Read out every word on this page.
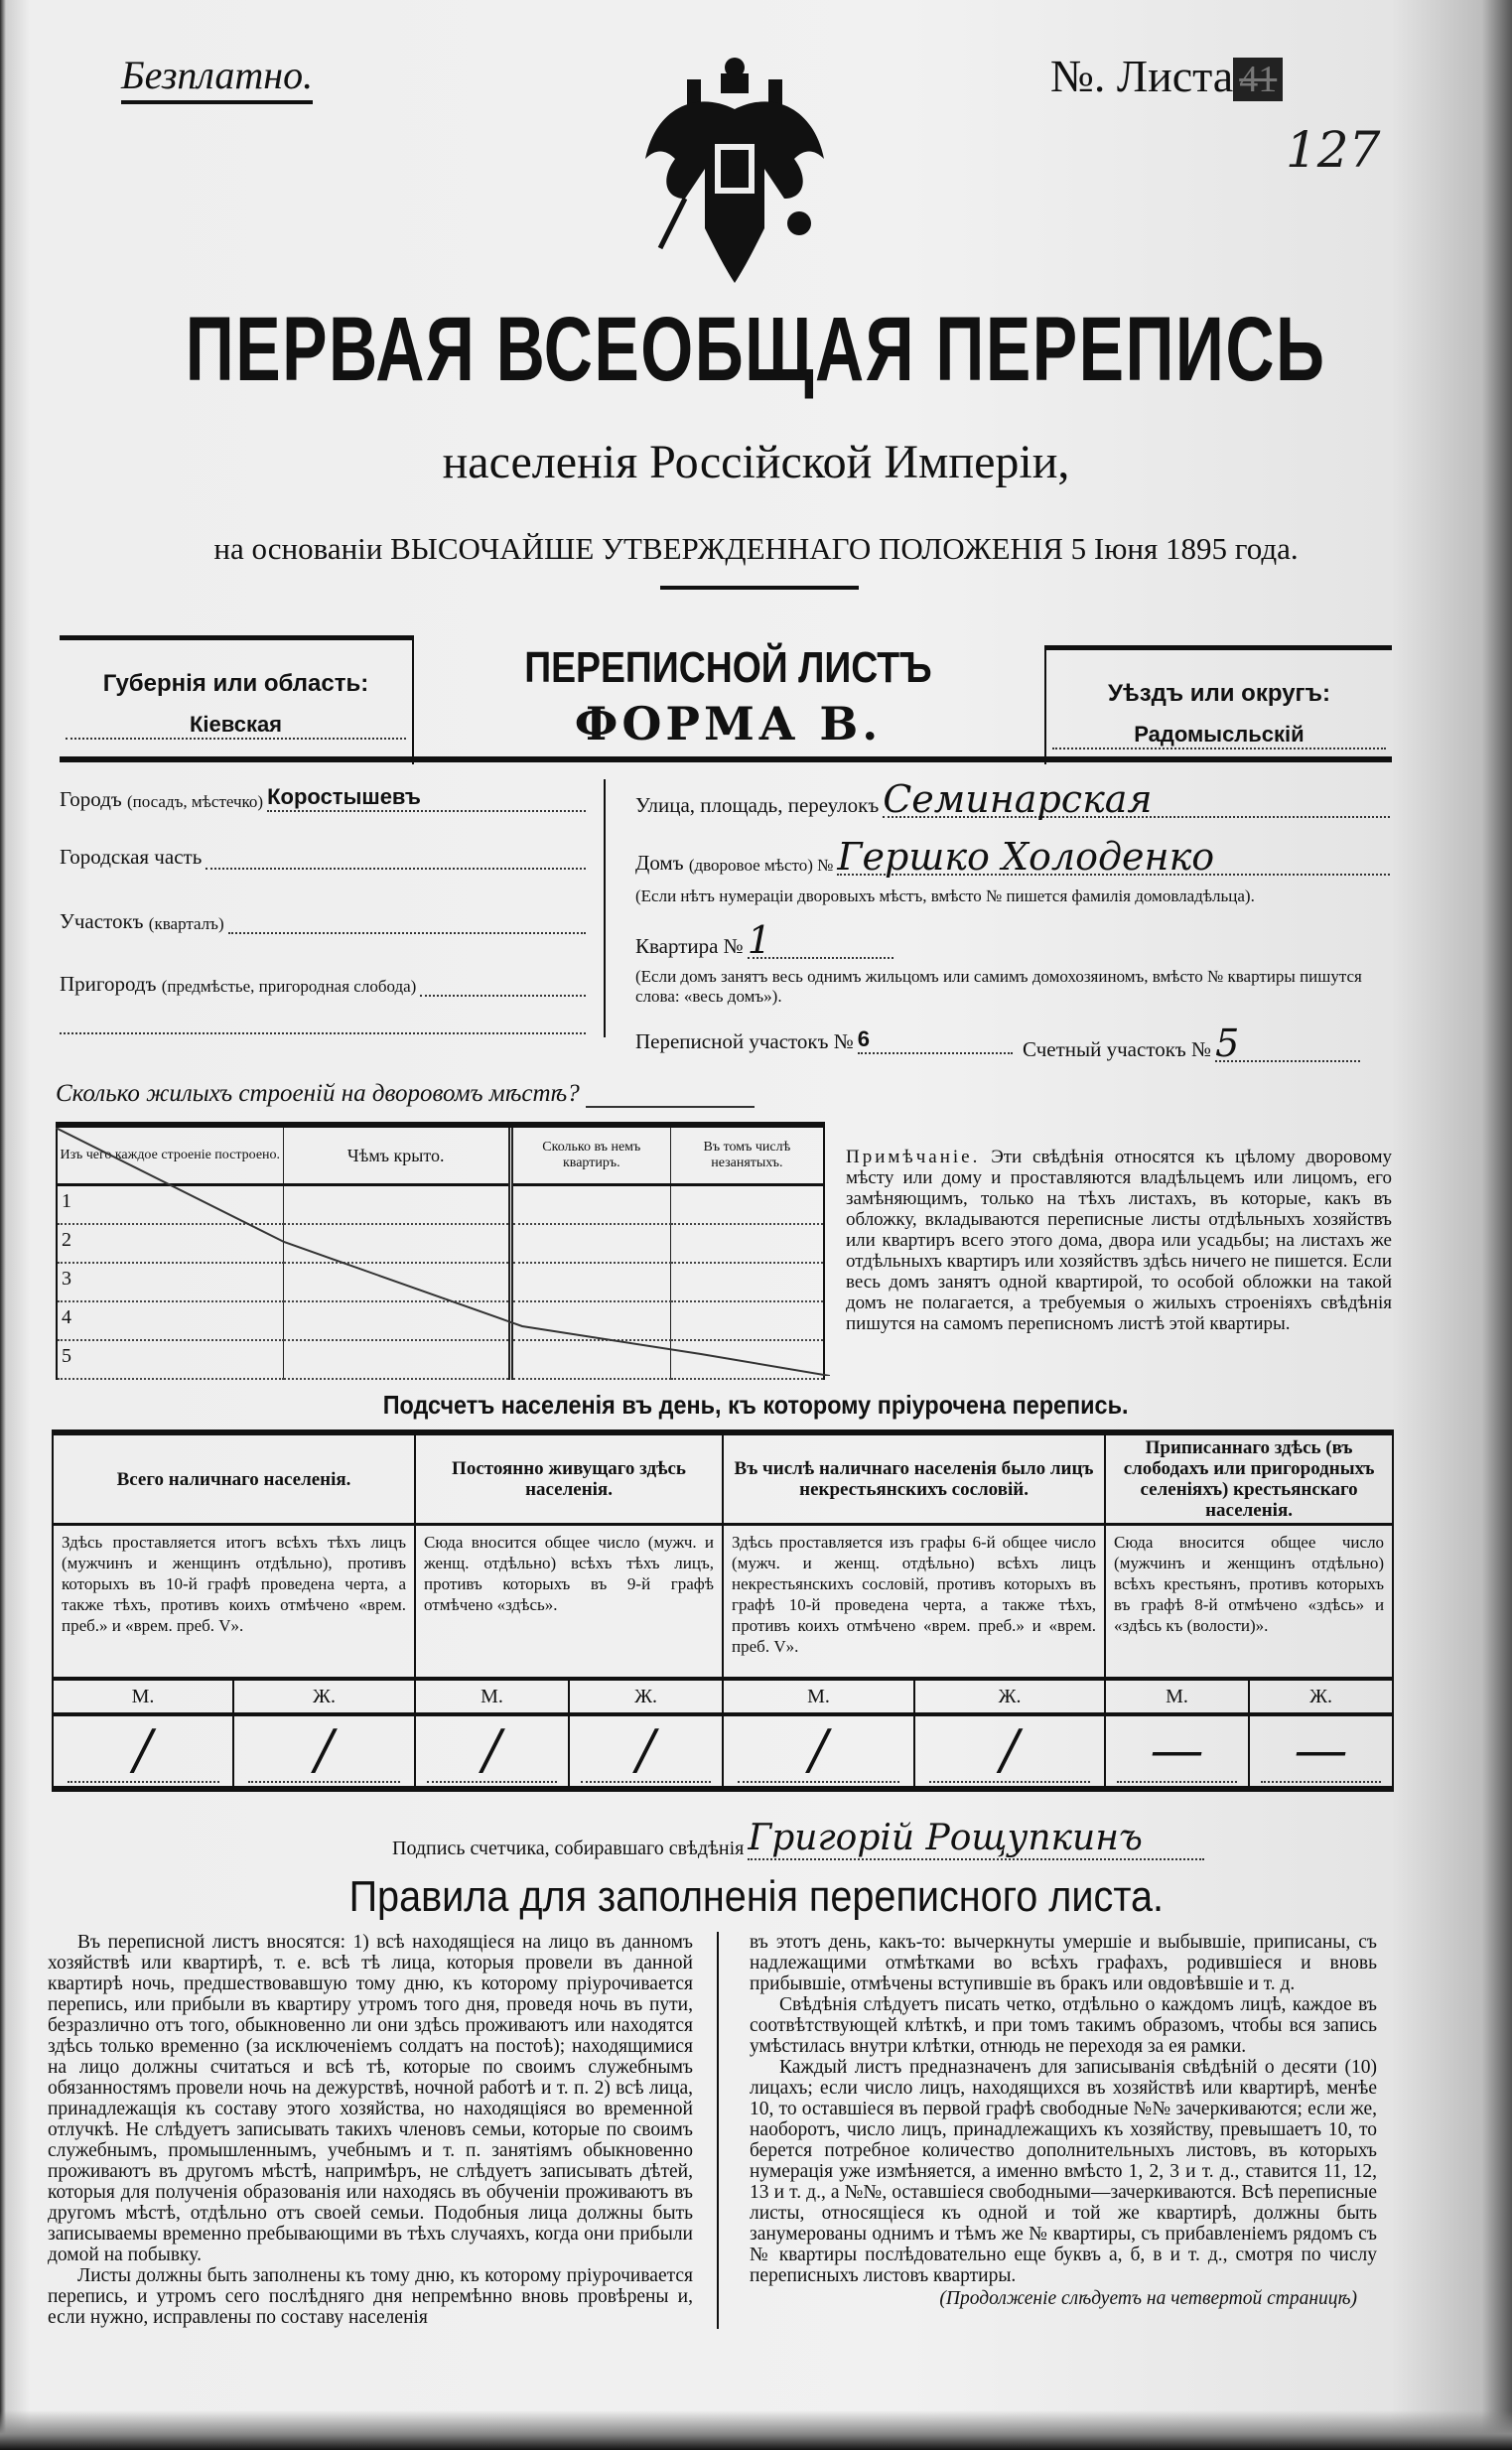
Безплатно.	№. Листа 41
127
ПЕРВАЯ ВСЕОБЩАЯ ПЕРЕПИСЬ
населенія Россійской Имперіи,
на основаніи ВЫСОЧАЙШЕ УТВЕРЖДЕННАГО ПОЛОЖЕНІЯ 5 Іюня 1895 года.
Губернія или область:
Кіевская
ПЕРЕПИСНОЙ ЛИСТЪ
ФОРМА В.
Уѣздъ или округъ:
Радомысльскій
Городъ
(посадъ, мѣстечко) Коростышевъ
Городская часть
Участокъ
(кварталъ)
Пригородъ
(предмѣстье, пригородная слобода)
Улица, площадь, переулокъ Семинарская
Домъ
(дворовое мѣсто) № Гершко Холоденко
(Если нѣтъ нумераціи дворовыхъ мѣстъ, вмѣсто № пишется фамилія домовладѣльца).
Квартира № 1
(Если домъ занятъ весь однимъ жильцомъ или самимъ домохозяиномъ, вмѣсто № квартиры пишутся слова: «весь домъ»).
Переписной участокъ № 6	Счетный участокъ № 5
Сколько жилыхъ строеній на дворовомъ мѣстѣ?
Изъ чего каждое строеніе построено.	Чѣмъ крыто.	Сколько въ немъ квартиръ.	Въ томъ числѣ незанятыхъ.
1			
2			
3			
4			
5			
Примѣчаніе. Эти свѣдѣнія относятся къ цѣлому дворовому мѣсту или дому и проставляются владѣльцемъ или лицомъ, его замѣняющимъ, только на тѣхъ листахъ, въ которые, какъ въ обложку, вкладываются переписные листы отдѣльныхъ хозяйствъ или квартиръ всего этого дома, двора или усадьбы; на листахъ же отдѣльныхъ квартиръ или хозяйствъ здѣсь ничего не пишется. Если весь домъ занятъ одной квартирой, то особой обложки на такой домъ не полагается, а требуемыя о жилыхъ строеніяхъ свѣдѣнія пишутся на самомъ переписномъ листѣ этой квартиры.
Подсчетъ населенія въ день, къ которому пріурочена перепись.
Всего наличнаго населенія.		Постоянно живущаго здѣсь населенія.		Въ числѣ наличнаго населенія было лицъ некрестьянскихъ сословій.		Приписаннаго здѣсь (въ слободахъ или пригородныхъ селеніяхъ) крестьянскаго населенія.	
Здѣсь проставляется итогъ всѣхъ тѣхъ лицъ (мужчинъ и женщинъ отдѣльно), противъ которыхъ въ 10-й графѣ проведена черта, а также тѣхъ, противъ коихъ отмѣчено «врем. преб.» и «врем. преб. V».		Сюда вносится общее число (мужч. и женщ. отдѣльно) всѣхъ тѣхъ лицъ, противъ которыхъ въ 9-й графѣ отмѣчено «здѣсь».		Здѣсь проставляется изъ графы 6-й общее число (мужч. и женщ. отдѣльно) всѣхъ лицъ некрестьянскихъ сословій, противъ которыхъ въ графѣ 10-й проведена черта, а также тѣхъ, противъ коихъ отмѣчено «врем. преб.» и «врем. преб. V».		Сюда вносится общее число (мужчинъ и женщинъ отдѣльно) всѣхъ крестьянъ, противъ которыхъ въ графѣ 8-й отмѣчено «здѣсь» и «здѣсь къ (волости)».	
М.	Ж.	М.	Ж.	М.	Ж.	М.	Ж.
/	/	/	/	/	/	—	—
Подпись счетчика, собиравшаго свѣдѣнія Григорій Рощупкинъ
Правила для заполненія переписного листа.

Въ переписной листъ вносятся: 1) всѣ находящіеся на лицо въ данномъ хозяйствѣ или квартирѣ, т. е. всѣ тѣ лица, которыя провели въ данной квартирѣ ночь, предшествовавшую тому дню, къ которому пріурочивается перепись, или прибыли въ квартиру утромъ того дня, проведя ночь въ пути, безразлично отъ того, обыкновенно ли они здѣсь проживаютъ или находятся здѣсь только временно (за исключеніемъ солдатъ на постоѣ); находящимися на лицо должны считаться и всѣ тѣ, которые по своимъ служебнымъ обязанностямъ провели ночь на дежурствѣ, ночной работѣ и т. п. 2) всѣ лица, принадлежащія къ составу этого хозяйства, но находящіяся во временной отлучкѣ. Не слѣдуетъ записывать такихъ членовъ семьи, которые по своимъ служебнымъ, промышленнымъ, учебнымъ и т. п. занятіямъ обыкновенно проживаютъ въ другомъ мѣстѣ, напримѣръ, не слѣдуетъ записывать дѣтей, которыя для полученія образованія или находясь въ обученіи проживаютъ въ другомъ мѣстѣ, отдѣльно отъ своей семьи. Подобныя лица должны быть записываемы временно пребывающими въ тѣхъ случаяхъ, когда они прибыли домой на побывку.

Листы должны быть заполнены къ тому дню, къ которому пріурочивается перепись, и утромъ сего послѣдняго дня непремѣнно вновь провѣрены и, если нужно, исправлены по составу населенія

въ этотъ день, какъ-то: вычеркнуты умершіе и выбывшіе, приписаны, съ надлежащими отмѣтками во всѣхъ графахъ, родившіеся и вновь прибывшіе, отмѣчены вступившіе въ бракъ или овдовѣвшіе и т. д.

Свѣдѣнія слѣдуетъ писать четко, отдѣльно о каждомъ лицѣ, каждое въ соотвѣтствующей клѣткѣ, и при томъ такимъ образомъ, чтобы вся запись умѣстилась внутри клѣтки, отнюдь не переходя за ея рамки.

Каждый листъ предназначенъ для записыванія свѣдѣній о десяти (10) лицахъ; если число лицъ, находящихся въ хозяйствѣ или квартирѣ, менѣе 10, то оставшіеся въ первой графѣ свободные №№ зачеркиваются; если же, наоборотъ, число лицъ, принадлежащихъ къ хозяйству, превышаетъ 10, то берется потребное количество дополнительныхъ листовъ, въ которыхъ нумерація уже измѣняется, а именно вмѣсто 1, 2, 3 и т. д., ставится 11, 12, 13 и т. д., а №№, оставшіеся свободными—зачеркиваются. Всѣ переписные листы, относящіеся къ одной и той же квартирѣ, должны быть занумерованы однимъ и тѣмъ же № квартиры, съ прибавленіемъ рядомъ съ № квартиры послѣдовательно еще буквъ а, б, в и т. д., смотря по числу переписныхъ листовъ квартиры.

(Продолженіе слѣдуетъ на четвертой страницѣ)
